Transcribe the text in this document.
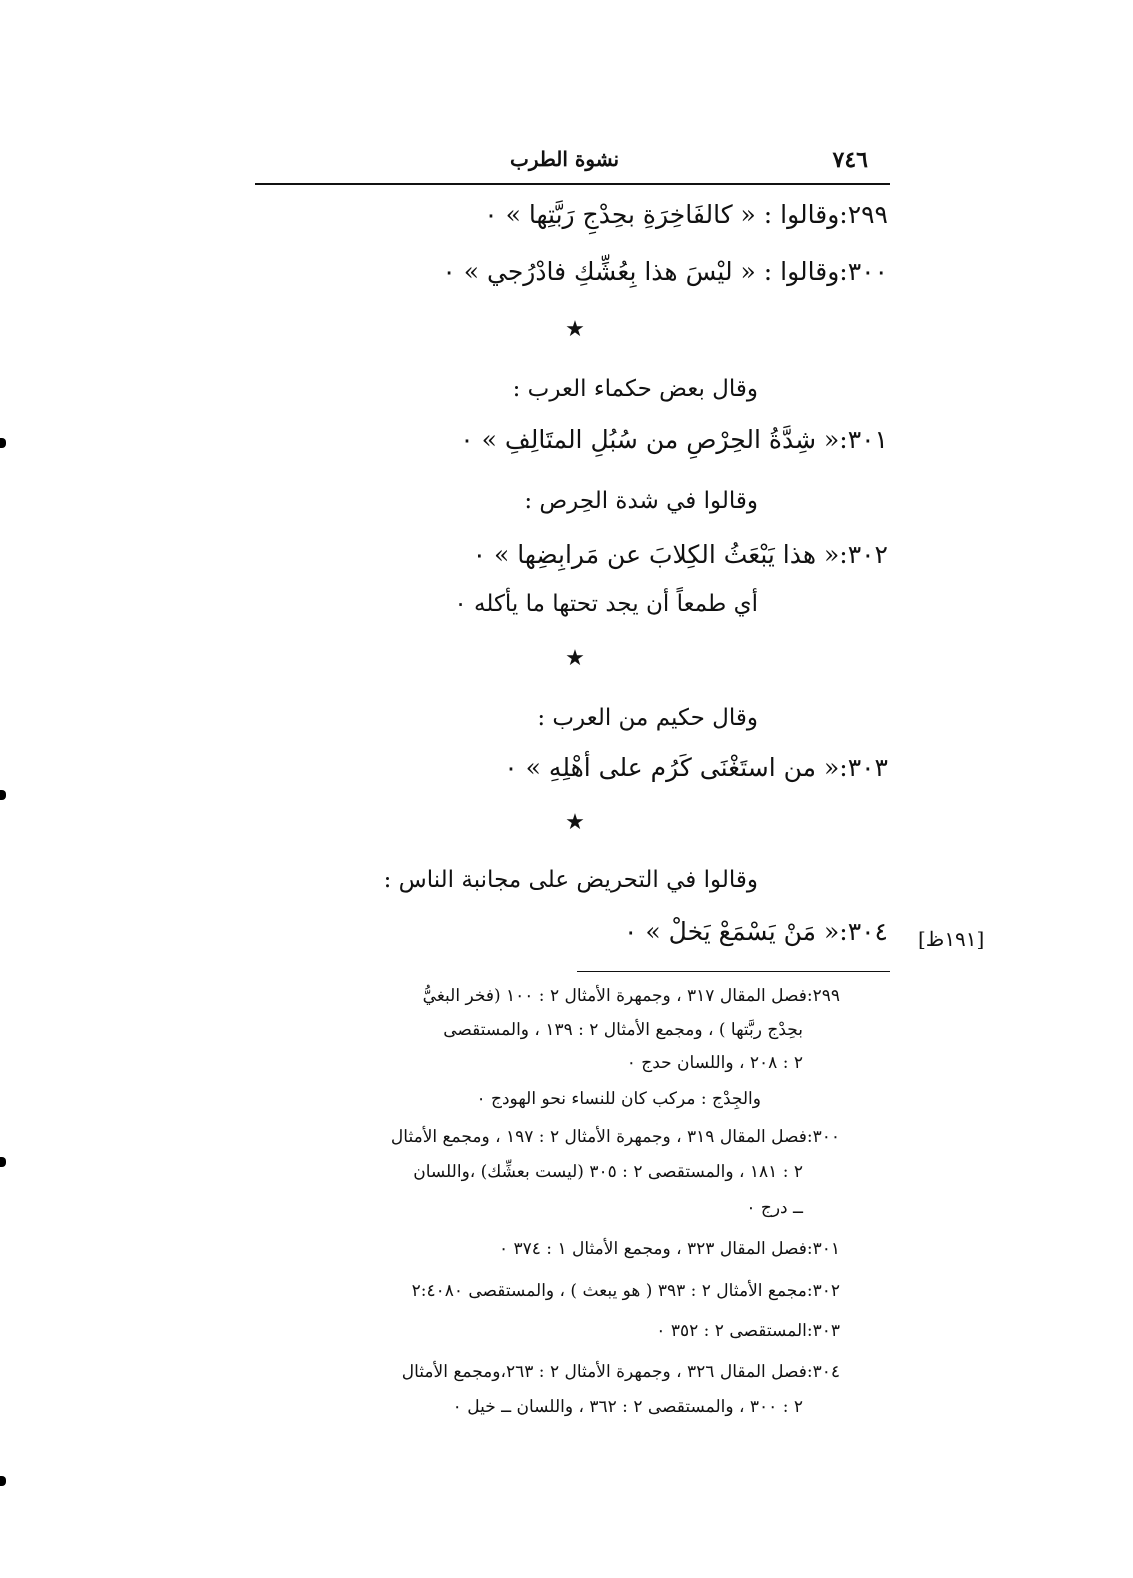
٧٤٦
نشوة الطرب

٢٩٩:وقالوا : « كالفَاخِرَةِ بحِدْجِ رَبَّتِها » ٠

٣٠٠:وقالوا : « ليْسَ هذا بِعُشِّكِ فادْرُجي » ٠

★

وقال بعض حكماء العرب :

٣٠١:« شِدَّةُ الحِرْصِ من سُبُلِ المتَالِفِ » ٠

وقالوا في شدة الحِرص :

٣٠٢:« هذا يَبْعَثُ الكِلابَ عن مَرابِضِها » ٠

أي طمعاً أن يجد تحتها ما يأكله ٠

★

وقال حكيم من العرب :

٣٠٣:« من استَغْنَى كَرُم على أهْلِهِ » ٠

★

وقالوا في التحريض على مجانبة الناس :

٣٠٤:« مَنْ يَسْمَعْ يَخلْ » ٠ [١٩١ظ]

٢٩٩:فصل المقال ٣١٧ ، وجمهرة الأمثال ٢ : ١٠٠ (فخر البغيُّ

بحِدْج ربَّتها ) ، ومجمع الأمثال ٢ : ١٣٩ ، والمستقصى

٢ : ٢٠٨ ، واللسان حدج ٠

والجِدْج : مركب كان للنساء نحو الهودج ٠

٣٠٠:فصل المقال ٣١٩ ، وجمهرة الأمثال ٢ : ١٩٧ ، ومجمع الأمثال

٢ : ١٨١ ، والمستقصى ٢ : ٣٠٥ (ليست بعشِّك) ،واللسان

ــ درج ٠

٣٠١:فصل المقال ٣٢٣ ، ومجمع الأمثال ١ : ٣٧٤ ٠

٣٠٢:مجمع الأمثال ٢ : ٣٩٣ ( هو يبعث ) ، والمستقصى ٢:٤٠٨٠

٣٠٣:المستقصى ٢ : ٣٥٢ ٠

٣٠٤:فصل المقال ٣٢٦ ، وجمهرة الأمثال ٢ : ٢٦٣،ومجمع الأمثال

٢ : ٣٠٠ ، والمستقصى ٢ : ٣٦٢ ، واللسان ــ خيل ٠
